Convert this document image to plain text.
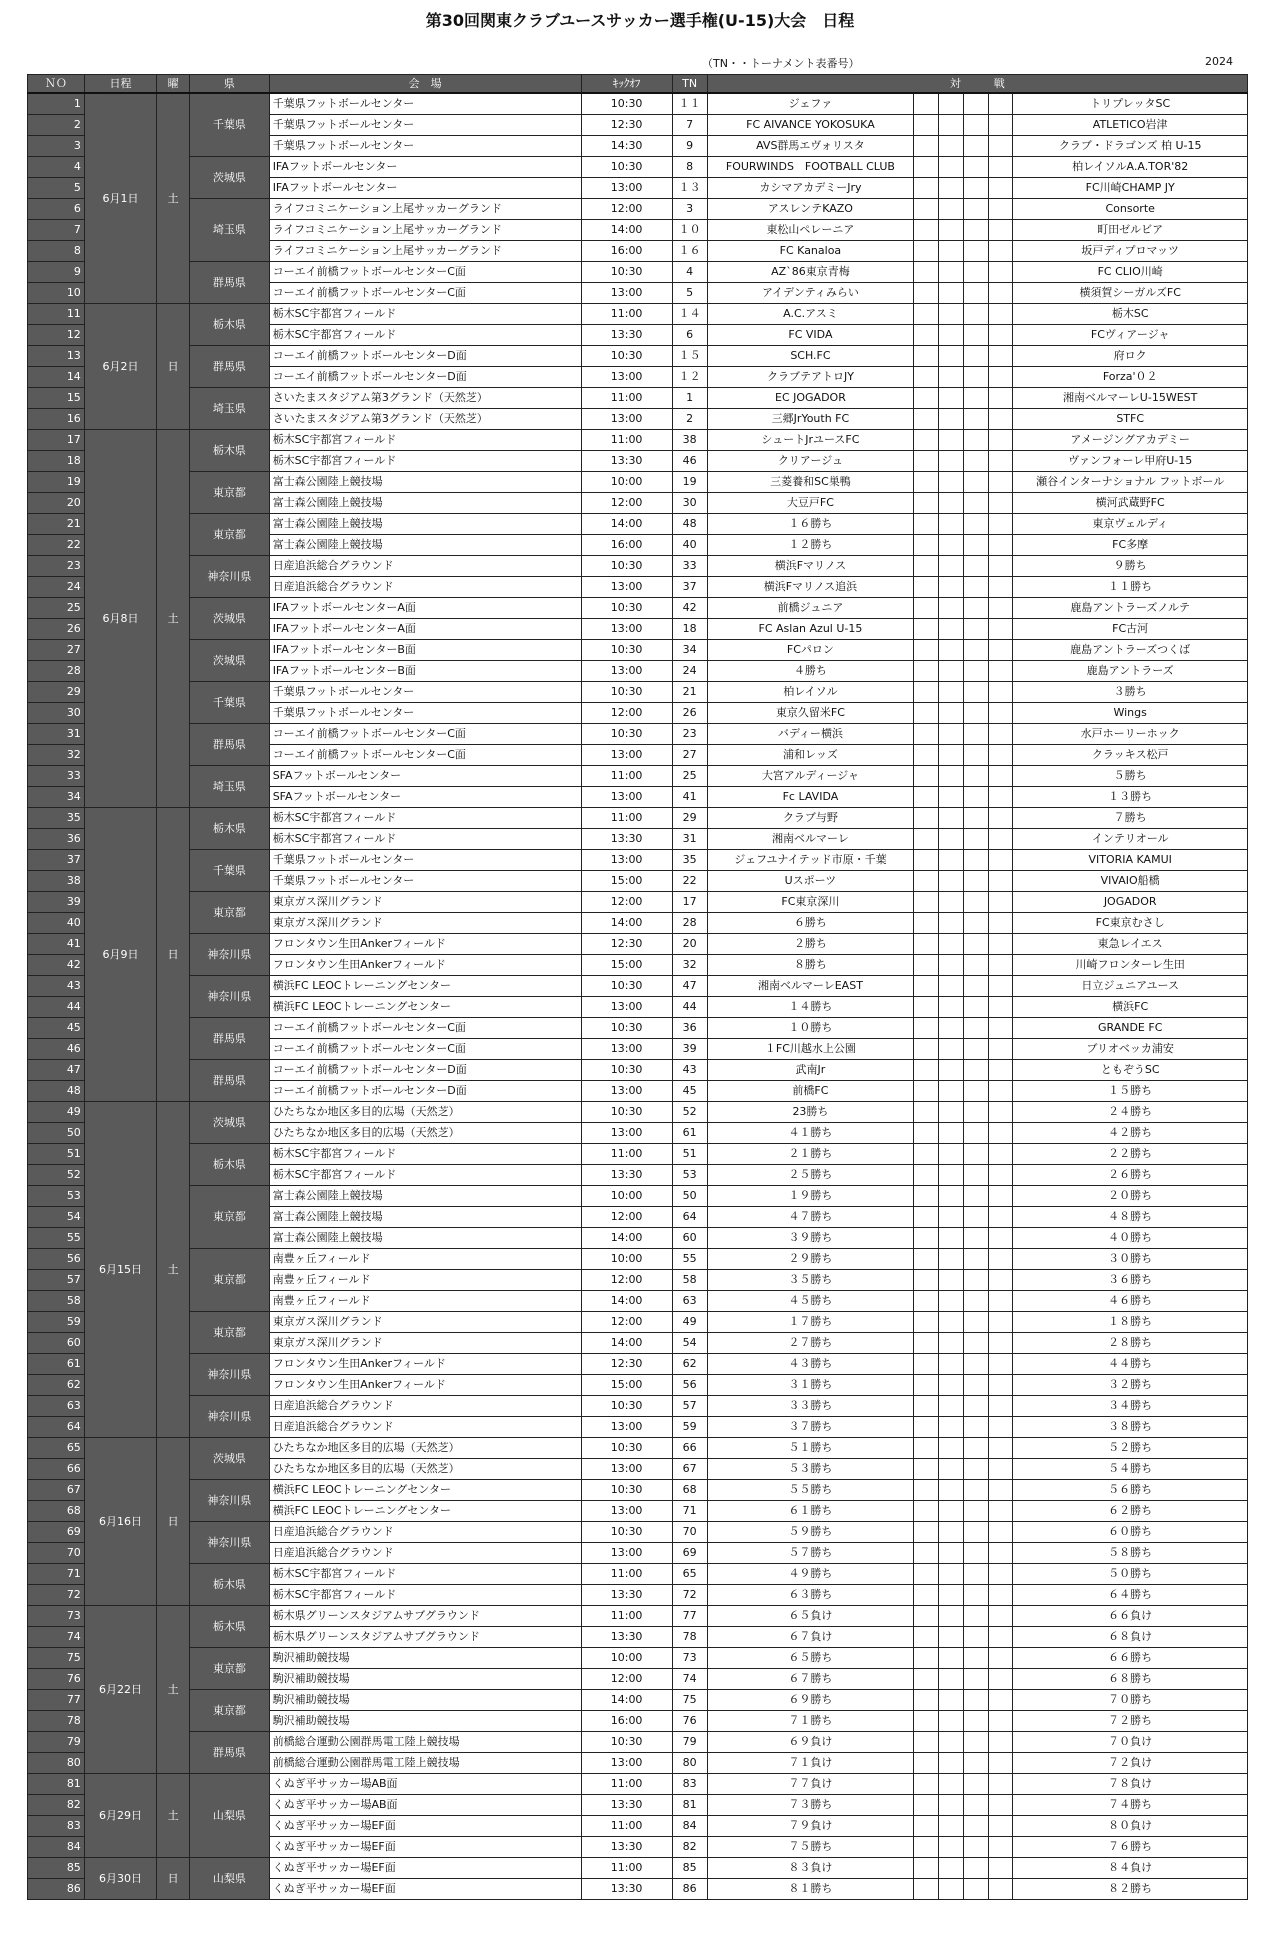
第30回関東クラブユースサッカー選手権(U-15)大会　日程
（TN・・トーナメント表番号）	2024
ＮＯ	日程	曜	県	会　場	ｷｯｸｵﾌ	TN	対　　　戦					
1	6月1日	土	千葉県	千葉県フットボールセンター	10:30	１１	ジェファ					トリプレッタSC
2				千葉県フットボールセンター	12:30	7	FC AIVANCE YOKOSUKA					ATLETICO岩津
3				千葉県フットボールセンター	14:30	9	AVS群馬エヴォリスタ					クラブ・ドラゴンズ 柏 U-15
4			茨城県	IFAフットボールセンター	10:30	8	FOURWINDS　FOOTBALL CLUB					柏レイソルA.A.TOR'82
5				IFAフットボールセンター	13:00	１３	カシマアカデミーJry					FC川崎CHAMP JY
6			埼玉県	ライフコミニケーション上尾サッカーグランド	12:00	3	アスレンテKAZO					Consorte
7				ライフコミニケーション上尾サッカーグランド	14:00	１０	東松山ペレーニア					町田ゼルビア
8				ライフコミニケーション上尾サッカーグランド	16:00	１６	FC Kanaloa					坂戸ディプロマッツ
9			群馬県	コーエイ前橋フットボールセンターC面	10:30	4	AZ`86東京青梅					FC CLIO川崎
10				コーエイ前橋フットボールセンターC面	13:00	5	アイデンティみらい					横須賀シーガルズFC
11	6月2日	日	栃木県	栃木SC宇都宮フィールド	11:00	１４	A.C.アスミ					栃木SC
12				栃木SC宇都宮フィールド	13:30	6	FC VIDA					FCヴィアージャ
13			群馬県	コーエイ前橋フットボールセンターD面	10:30	１５	SCH.FC					府ロク
14				コーエイ前橋フットボールセンターD面	13:00	１２	クラブテアトロJY					Forza'０２
15			埼玉県	さいたまスタジアム第3グランド（天然芝）	11:00	1	EC JOGADOR					湘南ベルマーレU-15WEST
16				さいたまスタジアム第3グランド（天然芝）	13:00	2	三郷JrYouth FC					STFC
17	6月8日	土	栃木県	栃木SC宇都宮フィールド	11:00	38	シュートJrユースFC					アメージングアカデミー
18				栃木SC宇都宮フィールド	13:30	46	クリアージュ					ヴァンフォーレ甲府U-15
19			東京都	富士森公園陸上競技場	10:00	19	三菱養和SC巣鴨					瀬谷インターナショナル フットボール
20				富士森公園陸上競技場	12:00	30	大豆戸FC					横河武蔵野FC
21			東京都	富士森公園陸上競技場	14:00	48	１６勝ち					東京ヴェルディ
22				富士森公園陸上競技場	16:00	40	１２勝ち					FC多摩
23			神奈川県	日産追浜総合グラウンド	10:30	33	横浜Fマリノス					９勝ち
24				日産追浜総合グラウンド	13:00	37	横浜Fマリノス追浜					１１勝ち
25			茨城県	IFAフットボールセンターA面	10:30	42	前橋ジュニア					鹿島アントラーズノルテ
26				IFAフットボールセンターA面	13:00	18	FC Aslan Azul U-15					FC古河
27			茨城県	IFAフットボールセンターB面	10:30	34	FCパロン					鹿島アントラーズつくば
28				IFAフットボールセンターB面	13:00	24	４勝ち					鹿島アントラーズ
29			千葉県	千葉県フットボールセンター	10:30	21	柏レイソル					３勝ち
30				千葉県フットボールセンター	12:00	26	東京久留米FC					Wings
31			群馬県	コーエイ前橋フットボールセンターC面	10:30	23	バディー横浜					水戸ホーリーホック
32				コーエイ前橋フットボールセンターC面	13:00	27	浦和レッズ					クラッキス松戸
33			埼玉県	SFAフットボールセンター	11:00	25	大宮アルディージャ					５勝ち
34				SFAフットボールセンター	13:00	41	Fc LAVIDA					１３勝ち
35	6月9日	日	栃木県	栃木SC宇都宮フィールド	11:00	29	クラブ与野					７勝ち
36				栃木SC宇都宮フィールド	13:30	31	湘南ベルマーレ					インテリオール
37			千葉県	千葉県フットボールセンター	13:00	35	ジェフユナイテッド市原・千葉					VITORIA KAMUI
38				千葉県フットボールセンター	15:00	22	Uスポーツ					VIVAIO船橋
39			東京都	東京ガス深川グランド	12:00	17	FC東京深川					JOGADOR
40				東京ガス深川グランド	14:00	28	６勝ち					FC東京むさし
41			神奈川県	フロンタウン生田Ankerフィールド	12:30	20	２勝ち					東急レイエス
42				フロンタウン生田Ankerフィールド	15:00	32	８勝ち					川崎フロンターレ生田
43			神奈川県	横浜FC LEOCトレーニングセンター	10:30	47	湘南ベルマーレEAST					日立ジュニアユース
44				横浜FC LEOCトレーニングセンター	13:00	44	１４勝ち					横浜FC
45			群馬県	コーエイ前橋フットボールセンターC面	10:30	36	１０勝ち					GRANDE FC
46				コーエイ前橋フットボールセンターC面	13:00	39	１FC川越水上公園					ブリオベッカ浦安
47			群馬県	コーエイ前橋フットボールセンターD面	10:30	43	武南Jr					ともぞうSC
48				コーエイ前橋フットボールセンターD面	13:00	45	前橋FC					１５勝ち
49	6月15日	土	茨城県	ひたちなか地区多目的広場（天然芝）	10:30	52	23勝ち					２４勝ち
50				ひたちなか地区多目的広場（天然芝）	13:00	61	４１勝ち					４２勝ち
51			栃木県	栃木SC宇都宮フィールド	11:00	51	２１勝ち					２２勝ち
52				栃木SC宇都宮フィールド	13:30	53	２５勝ち					２６勝ち
53			東京都	富士森公園陸上競技場	10:00	50	１９勝ち					２０勝ち
54				富士森公園陸上競技場	12:00	64	４７勝ち					４８勝ち
55				富士森公園陸上競技場	14:00	60	３９勝ち					４０勝ち
56			東京都	南豊ヶ丘フィールド	10:00	55	２９勝ち					３０勝ち
57				南豊ヶ丘フィールド	12:00	58	３５勝ち					３６勝ち
58				南豊ヶ丘フィールド	14:00	63	４５勝ち					４６勝ち
59			東京都	東京ガス深川グランド	12:00	49	１７勝ち					１８勝ち
60				東京ガス深川グランド	14:00	54	２７勝ち					２８勝ち
61			神奈川県	フロンタウン生田Ankerフィールド	12:30	62	４３勝ち					４４勝ち
62				フロンタウン生田Ankerフィールド	15:00	56	３１勝ち					３２勝ち
63			神奈川県	日産追浜総合グラウンド	10:30	57	３３勝ち					３４勝ち
64				日産追浜総合グラウンド	13:00	59	３７勝ち					３８勝ち
65	6月16日	日	茨城県	ひたちなか地区多目的広場（天然芝）	10:30	66	５１勝ち					５２勝ち
66				ひたちなか地区多目的広場（天然芝）	13:00	67	５３勝ち					５４勝ち
67			神奈川県	横浜FC LEOCトレーニングセンター	10:30	68	５５勝ち					５６勝ち
68				横浜FC LEOCトレーニングセンター	13:00	71	６１勝ち					６２勝ち
69			神奈川県	日産追浜総合グラウンド	10:30	70	５９勝ち					６０勝ち
70				日産追浜総合グラウンド	13:00	69	５７勝ち					５８勝ち
71			栃木県	栃木SC宇都宮フィールド	11:00	65	４９勝ち					５０勝ち
72				栃木SC宇都宮フィールド	13:30	72	６３勝ち					６４勝ち
73	6月22日	土	栃木県	栃木県グリーンスタジアムサブグラウンド	11:00	77	６５負け					６６負け
74				栃木県グリーンスタジアムサブグラウンド	13:30	78	６７負け					６８負け
75			東京都	駒沢補助競技場	10:00	73	６５勝ち					６６勝ち
76				駒沢補助競技場	12:00	74	６７勝ち					６８勝ち
77			東京都	駒沢補助競技場	14:00	75	６９勝ち					７０勝ち
78				駒沢補助競技場	16:00	76	７１勝ち					７２勝ち
79			群馬県	前橋総合運動公園群馬電工陸上競技場	10:30	79	６９負け					７０負け
80				前橋総合運動公園群馬電工陸上競技場	13:00	80	７１負け					７２負け
81	6月29日	土	山梨県	くぬぎ平サッカー場AB面	11:00	83	７７負け					７８負け
82				くぬぎ平サッカー場AB面	13:30	81	７３勝ち					７４勝ち
83				くぬぎ平サッカー場EF面	11:00	84	７９負け					８０負け
84				くぬぎ平サッカー場EF面	13:30	82	７５勝ち					７６勝ち
85	6月30日	日	山梨県	くぬぎ平サッカー場EF面	11:00	85	８３負け					８４負け
86				くぬぎ平サッカー場EF面	13:30	86	８１勝ち					８２勝ち
